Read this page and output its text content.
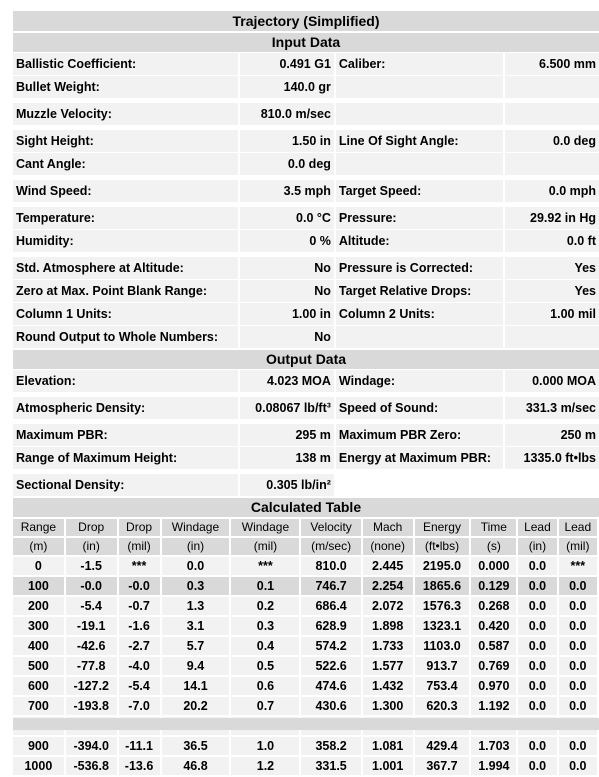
Trajectory (Simplified)
Input Data
Ballistic Coefficient:	0.491 G1 Caliber:	6.500 mm
Bullet Weight:	140.0 gr
Muzzle Velocity:	810.0 m/sec
Sight Height:	1.50 in Line Of Sight Angle:	0.0 deg
Cant Angle:	0.0 deg
Wind Speed:	3.5 mph Target Speed:	0.0 mph
Temperature:	0.0 °C Pressure:	29.92 in Hg
Humidity:	0 % Altitude:	0.0 ft
Std. Atmosphere at Altitude:	No Pressure is Corrected:	Yes
Zero at Max. Point Blank Range:	No Target Relative Drops:	Yes
Column 1 Units:	1.00 in Column 2 Units:	1.00 mil
Round Output to Whole Numbers:	No
Output Data
Elevation:	4.023 MOA Windage:	0.000 MOA
Atmospheric Density:	0.08067 lb/ft³ Speed of Sound:	331.3 m/sec
Maximum PBR:	295 m Maximum PBR Zero:	250 m
Range of Maximum Height:	138 m Energy at Maximum PBR:	1335.0 ft•lbs
Sectional Density:	0.305 lb/in²
Calculated Table
Range	Drop	Drop	Windage	Windage	Velocity	Mach	Energy	Time	Lead	Lead
(m)	(in)	(mil)	(in)	(mil)	(m/sec)	(none)	(ft•lbs)	(s)	(in)	(mil)
0	-1.5	***	0.0	***	810.0	2.445	2195.0	0.000	0.0	***
100	-0.0	-0.0	0.3	0.1	746.7	2.254	1865.6	0.129	0.0	0.0
200	-5.4	-0.7	1.3	0.2	686.4	2.072	1576.3	0.268	0.0	0.0
300	-19.1	-1.6	3.1	0.3	628.9	1.898	1323.1	0.420	0.0	0.0
400	-42.6	-2.7	5.7	0.4	574.2	1.733	1103.0	0.587	0.0	0.0
500	-77.8	-4.0	9.4	0.5	522.6	1.577	913.7	0.769	0.0	0.0
600	-127.2	-5.4	14.1	0.6	474.6	1.432	753.4	0.970	0.0	0.0
700	-193.8	-7.0	20.2	0.7	430.6	1.300	620.3	1.192	0.0	0.0

900	-394.0	-11.1	36.5	1.0	358.2	1.081	429.4	1.703	0.0	0.0
1000	-536.8	-13.6	46.8	1.2	331.5	1.001	367.7	1.994	0.0	0.0
